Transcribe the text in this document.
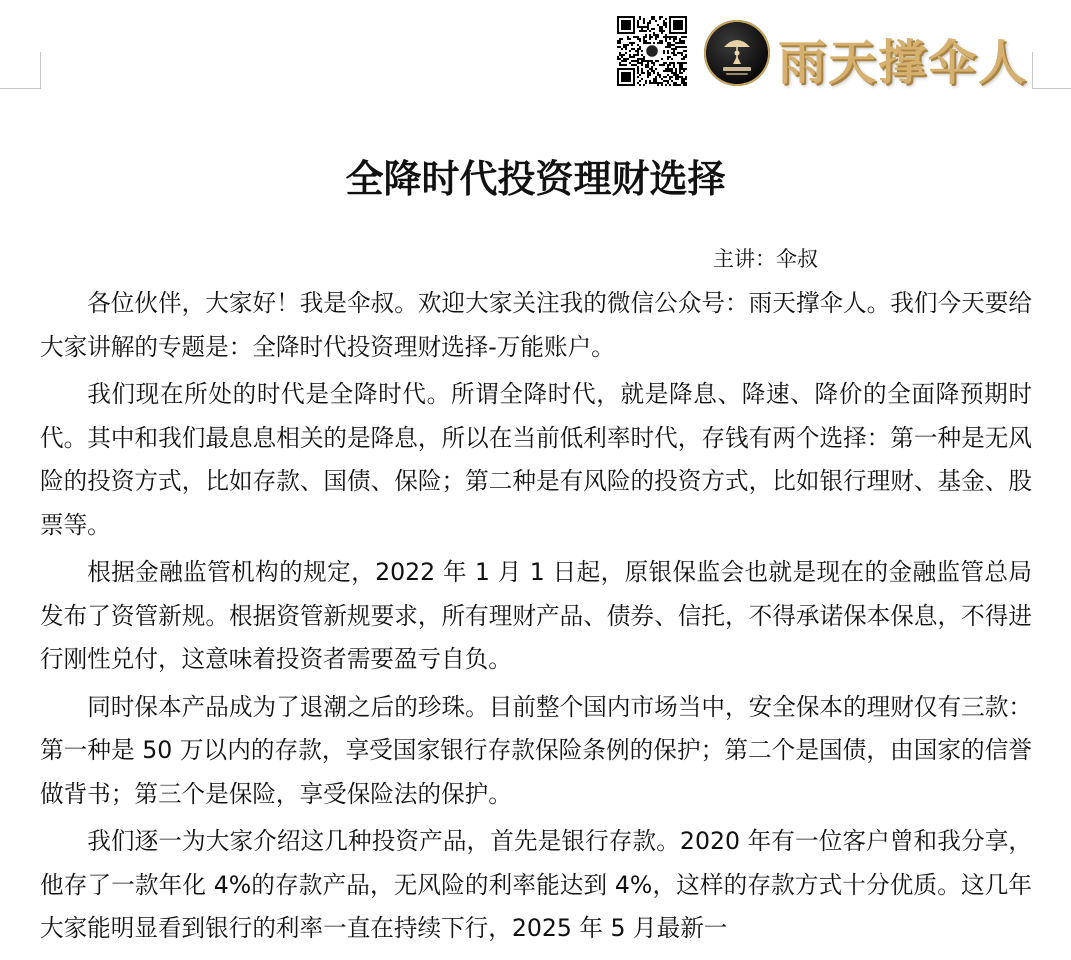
雨天撑伞人
全降时代投资理财选择
主讲：伞叔

各位伙伴，大家好！我是伞叔。欢迎大家关注我的微信公众号：雨天撑伞人。我们今天要给大家讲解的专题是：全降时代投资理财选择-万能账户。

我们现在所处的时代是全降时代。所谓全降时代，就是降息、降速、降价的全面降预期时代。其中和我们最息息相关的是降息，所以在当前低利率时代，存钱有两个选择：第一种是无风险的投资方式，比如存款、国债、保险；第二种是有风险的投资方式，比如银行理财、基金、股票等。

根据金融监管机构的规定，2022 年 1 月 1 日起，原银保监会也就是现在的金融监管总局发布了资管新规。根据资管新规要求，所有理财产品、债券、信托，不得承诺保本保息，不得进行刚性兑付，这意味着投资者需要盈亏自负。

同时保本产品成为了退潮之后的珍珠。目前整个国内市场当中，安全保本的理财仅有三款：第一种是 50 万以内的存款，享受国家银行存款保险条例的保护；第二个是国债，由国家的信誉做背书；第三个是保险，享受保险法的保护。

我们逐一为大家介绍这几种投资产品，首先是银行存款。2020 年有一位客户曾和我分享，他存了一款年化 4%的存款产品，无风险的利率能达到 4%，这样的存款方式十分优质。这几年大家能明显看到银行的利率一直在持续下行，2025 年 5 月最新一
